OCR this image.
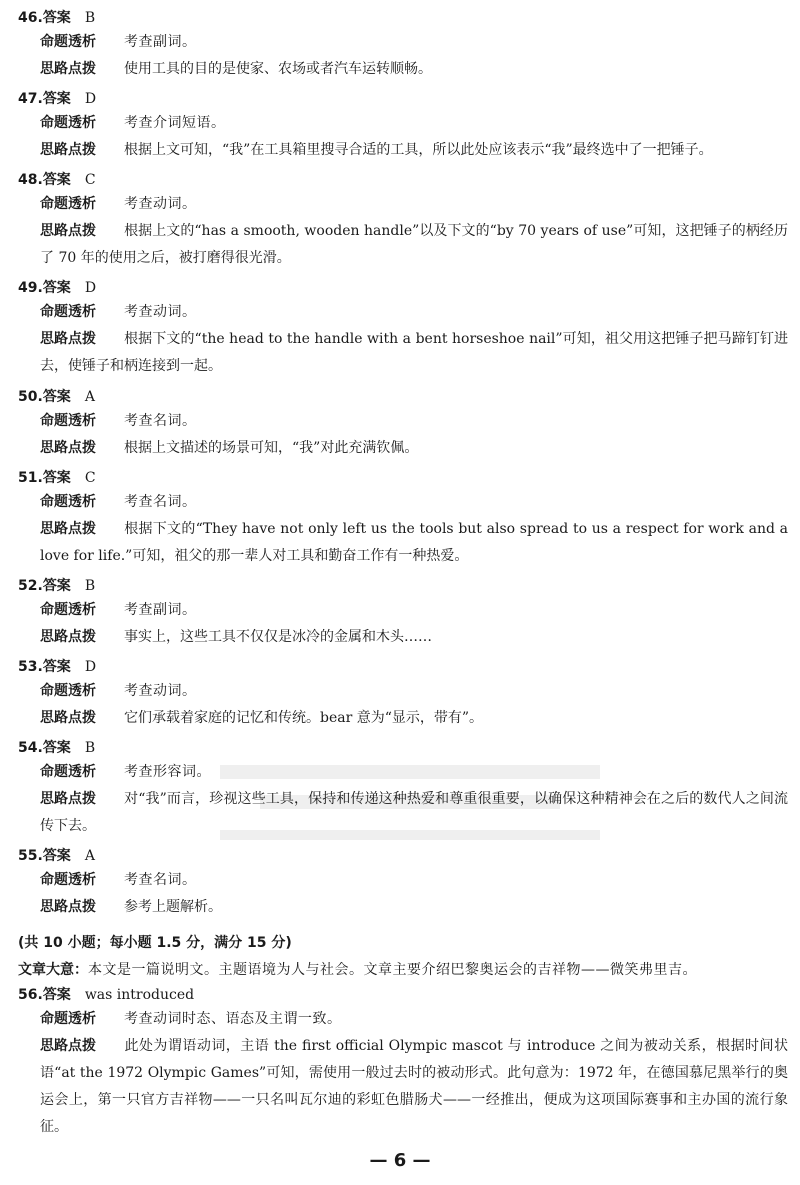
46.答案 B
命题透析 考查副词。
思路点拨 使用工具的目的是使家、农场或者汽车运转顺畅。
47.答案 D
命题透析 考查介词短语。
思路点拨 根据上文可知，“我”在工具箱里搜寻合适的工具，所以此处应该表示“我”最终选中了一把锤子。
48.答案 C
命题透析 考查动词。
思路点拨 根据上文的“has a smooth, wooden handle”以及下文的“by 70 years of use”可知，这把锤子的柄经历了 70 年的使用之后，被打磨得很光滑。
49.答案 D
命题透析 考查动词。
思路点拨 根据下文的“the head to the handle with a bent horseshoe nail”可知，祖父用这把锤子把马蹄钉钉进去，使锤子和柄连接到一起。
50.答案 A
命题透析 考查名词。
思路点拨 根据上文描述的场景可知，“我”对此充满钦佩。
51.答案 C
命题透析 考查名词。
思路点拨 根据下文的“They have not only left us the tools but also spread to us a respect for work and a love for life.”可知，祖父的那一辈人对工具和勤奋工作有一种热爱。
52.答案 B
命题透析 考查副词。
思路点拨 事实上，这些工具不仅仅是冰冷的金属和木头……
53.答案 D
命题透析 考查动词。
思路点拨 它们承载着家庭的记忆和传统。bear 意为“显示，带有”。
54.答案 B
命题透析 考查形容词。
思路点拨 对“我”而言，珍视这些工具，保持和传递这种热爱和尊重很重要，以确保这种精神会在之后的数代人之间流传下去。
55.答案 A
命题透析 考查名词。
思路点拨 参考上题解析。
(共 10 小题；每小题 1.5 分，满分 15 分)
文章大意：本文是一篇说明文。主题语境为人与社会。文章主要介绍巴黎奥运会的吉祥物——微笑弗里吉。
56.答案 was introduced
命题透析 考查动词时态、语态及主谓一致。
思路点拨 此处为谓语动词，主语 the first official Olympic mascot 与 introduce 之间为被动关系，根据时间状语“at the 1972 Olympic Games”可知，需使用一般过去时的被动形式。此句意为：1972 年，在德国慕尼黑举行的奥运会上，第一只官方吉祥物——一只名叫瓦尔迪的彩虹色腊肠犬——一经推出，便成为这项国际赛事和主办国的流行象征。
— 6 —
